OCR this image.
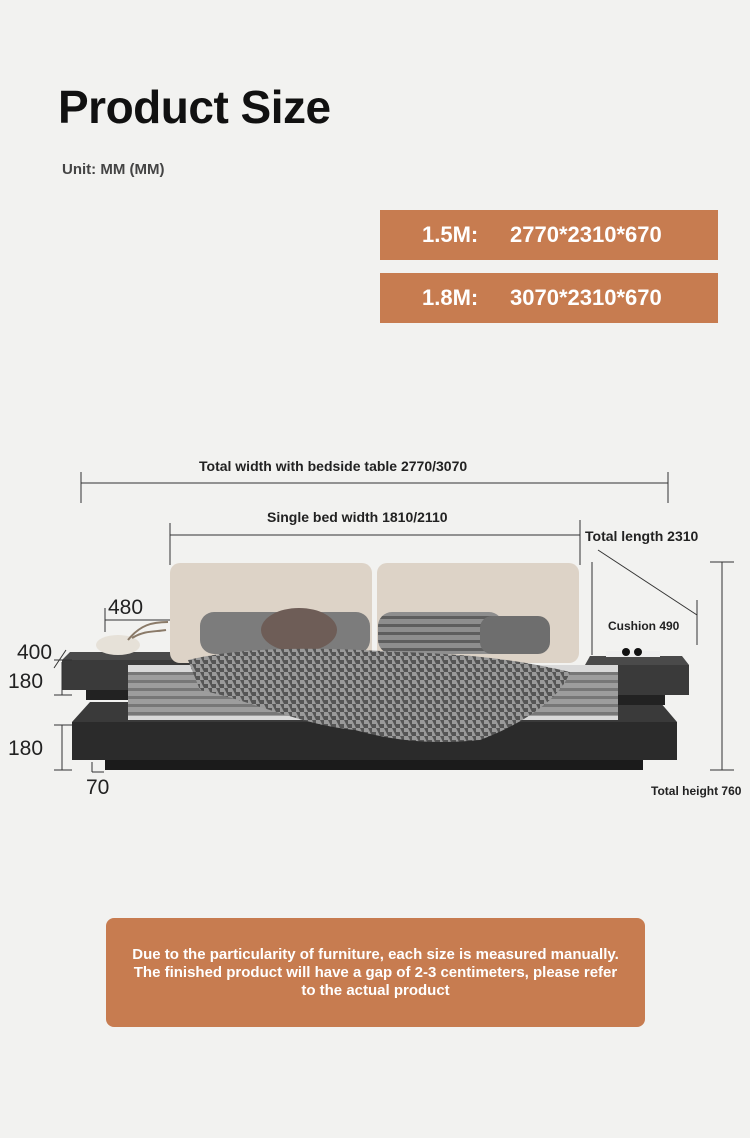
Product Size
Unit: MM (MM)
1.5M:	2770*2310*670
1.8M:	3070*2310*670
Total width with bedside table 2770/3070
Single bed width 1810/2110
Total length 2310
Cushion 490
Total height 760
480
400
180
180
70
Due to the particularity of furniture, each size is measured manually.
The finished product will have a gap of 2-3 centimeters, please refer to the actual product
